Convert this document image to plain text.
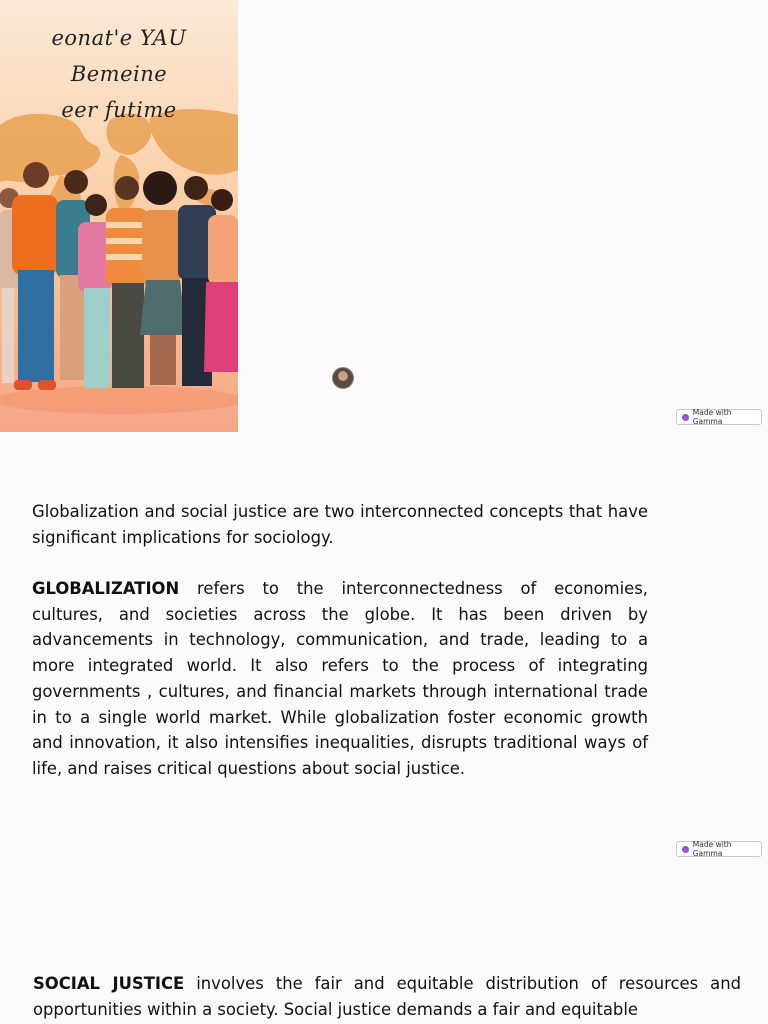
eonat'e YAU Bemeine
eer futime
Made with Gamma
Globalization and social justice are two interconnected concepts that have significant implications for sociology.
GLOBALIZATION refers to the interconnectedness of economies, cultures, and societies across the globe. It has been driven by advancements in technology, communication, and trade, leading to a more integrated world. It also refers to the process of integrating governments , cultures, and financial markets through international trade in to a single world market. While globalization foster economic growth and innovation, it also intensifies inequalities, disrupts traditional ways of life, and raises critical questions about social justice.
Made with Gamma
SOCIAL JUSTICE involves the fair and equitable distribution of resources and opportunities within a society. Social justice demands a fair and equitable
